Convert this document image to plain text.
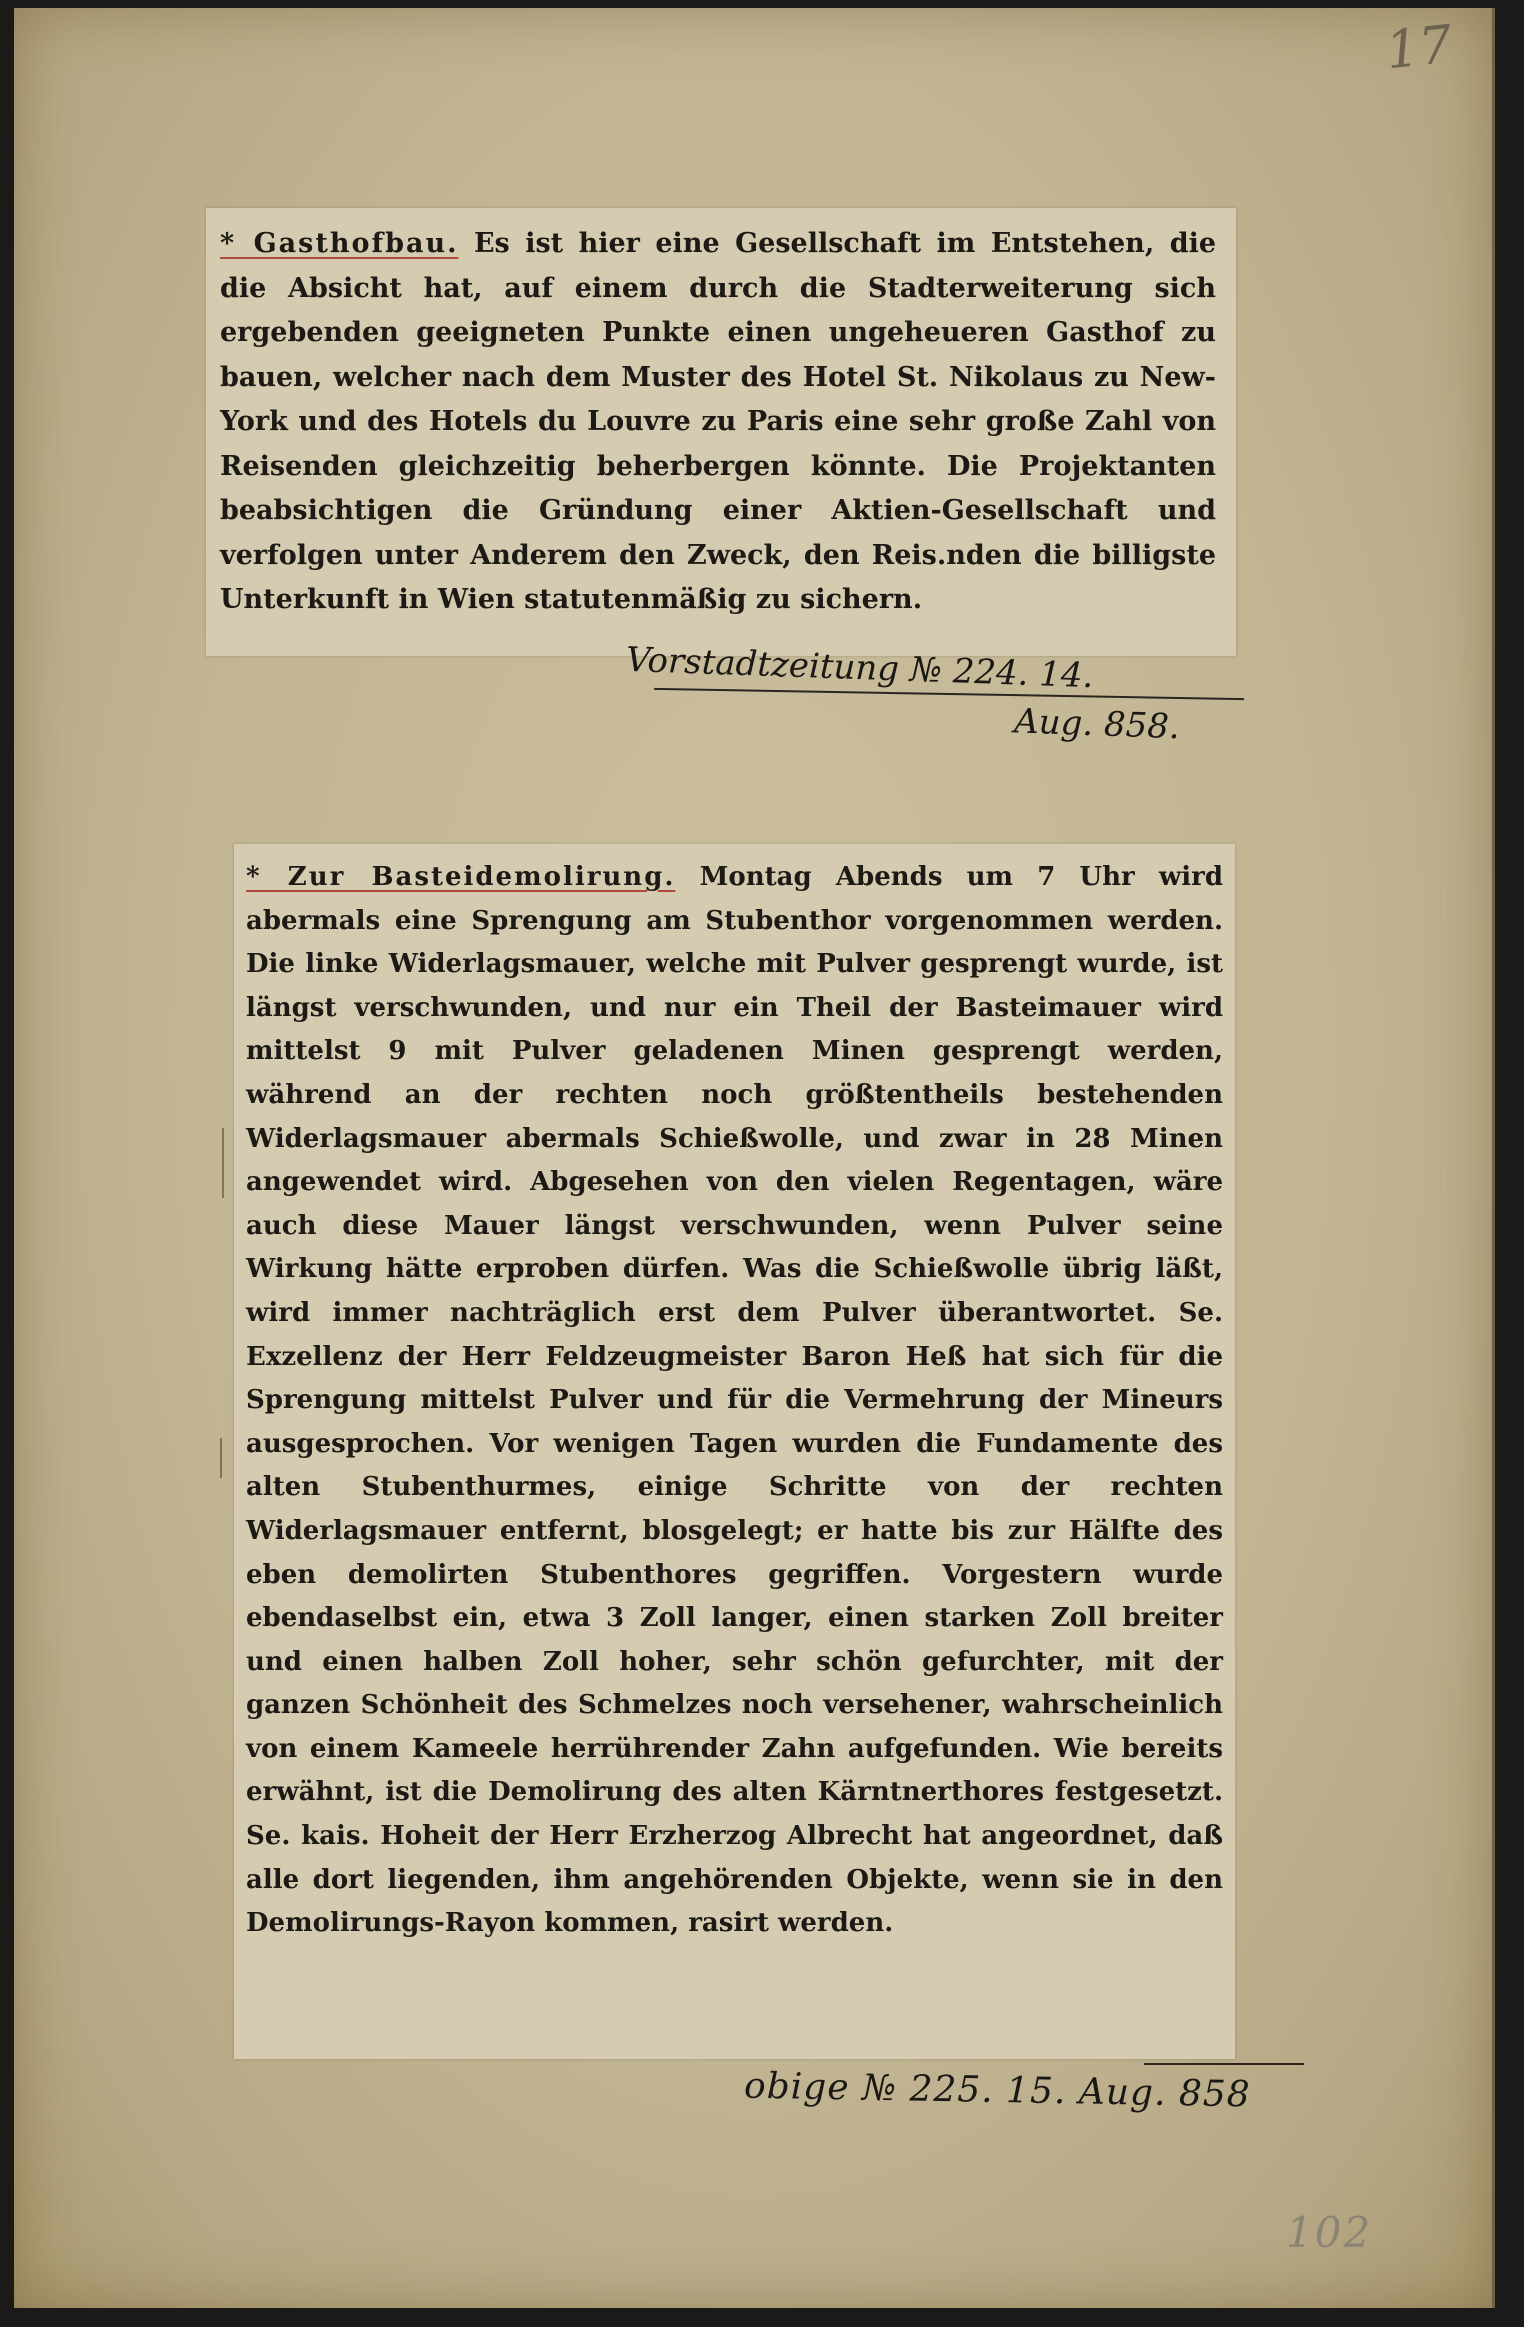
17

* Gasthofbau. Es ist hier eine Gesellschaft im Entstehen, die die Absicht hat, auf einem durch die Stadterweiterung sich ergebenden geeigneten Punkte einen ungeheueren Gasthof zu bauen, welcher nach dem Muster des Hotel St. Nikolaus zu New-York und des Hotels du Louvre zu Paris eine sehr große Zahl von Reisenden gleichzeitig beherbergen könnte. Die Projektanten beabsichtigen die Gründung einer Aktien-Gesellschaft und verfolgen unter Anderem den Zweck, den Reis.nden die billigste Unterkunft in Wien statutenmäßig zu sichern.

Vorstadtzeitung № 224. 14.
Aug. 858.

* Zur Basteidemolirung. Montag Abends um 7 Uhr wird abermals eine Sprengung am Stubenthor vorgenommen werden. Die linke Widerlagsmauer, welche mit Pulver gesprengt wurde, ist längst verschwunden, und nur ein Theil der Basteimauer wird mittelst 9 mit Pulver geladenen Minen gesprengt werden, während an der rechten noch größtentheils bestehenden Widerlagsmauer abermals Schießwolle, und zwar in 28 Minen angewendet wird. Abgesehen von den vielen Regentagen, wäre auch diese Mauer längst verschwunden, wenn Pulver seine Wirkung hätte erproben dürfen. Was die Schießwolle übrig läßt, wird immer nachträglich erst dem Pulver überantwortet. Se. Exzellenz der Herr Feldzeugmeister Baron Heß hat sich für die Sprengung mittelst Pulver und für die Vermehrung der Mineurs ausgesprochen. Vor wenigen Tagen wurden die Fundamente des alten Stubenthurmes, einige Schritte von der rechten Widerlagsmauer entfernt, blosgelegt; er hatte bis zur Hälfte des eben demolirten Stubenthores gegriffen. Vorgestern wurde ebendaselbst ein, etwa 3 Zoll langer, einen starken Zoll breiter und einen halben Zoll hoher, sehr schön gefurchter, mit der ganzen Schönheit des Schmelzes noch versehener, wahrscheinlich von einem Kameele herrührender Zahn aufgefunden. Wie bereits erwähnt, ist die Demolirung des alten Kärntnerthores festgesetzt. Se. kais. Hoheit der Herr Erzherzog Albrecht hat angeordnet, daß alle dort liegenden, ihm angehörenden Objekte, wenn sie in den Demolirungs-Rayon kommen, rasirt werden.

obige № 225. 15. Aug. 858
102
